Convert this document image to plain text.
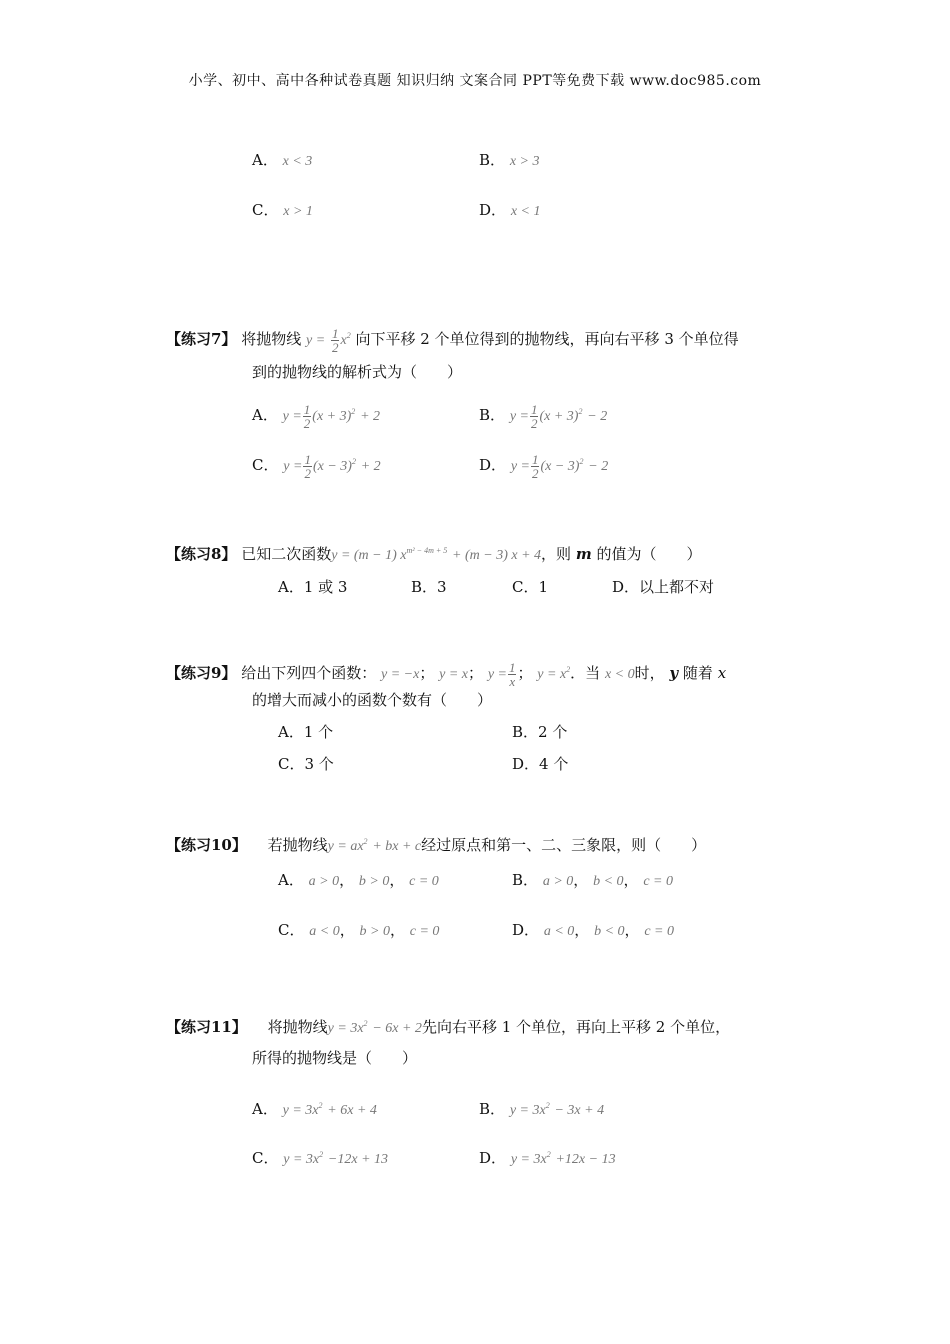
小学、初中、高中各种试卷真题 知识归纳 文案合同 PPT等免费下载 www.doc985.com
A． x < 3	B． x > 3
C． x > 1	D． x < 1
【练习7】 将抛物线 $y = \frac{1}{2} x^2$ 向下平移 2 个单位得到的抛物线，再向右平移 3 个单位得
到的抛物线的解析式为（　　）
A． $y = \frac{1}{2} (x + 3)^2 + 2$	B． $y = \frac{1}{2} (x + 3)^2 - 2$
C． $y = \frac{1}{2} (x - 3)^2 + 2$	D． $y = \frac{1}{2} (x - 3)^2 - 2$
【练习8】 已知二次函数y = (m − 1) $x^{m^2 - 4m + 5} + (m - 3) x + 4$，则 m 的值为（　　）
A．1 或 3	B．3	C．1	D．以上都不对
【练习9】 给出下列四个函数： y = −x； y = x； $y = \frac{1}{x}$ ； $y = x^2$．当 x < 0时， y 随着 x
的增大而减小的函数个数有（　　）
A．1 个	B．2 个
C．3 个	D．4 个
【练习10】 若抛物线$y = ax^2$ + bx + c经过原点和第一、二、三象限，则（　　）
A． a > 0， b > 0， c = 0	B． a > 0， b < 0， c = 0
C． a < 0， b > 0， c = 0	D． a < 0， b < 0， c = 0
【练习11】 将抛物线$y = 3x^2 - 6x + 2$先向右平移 1 个单位，再向上平移 2 个单位，
所得的抛物线是（　　）
A． $y = 3x^2 + 6x + 4$	B． $y = 3x^2 - 3x + 4$
C． $y = 3x^2 -12x + 13$	D． $y = 3x^2 +12x - 13$
